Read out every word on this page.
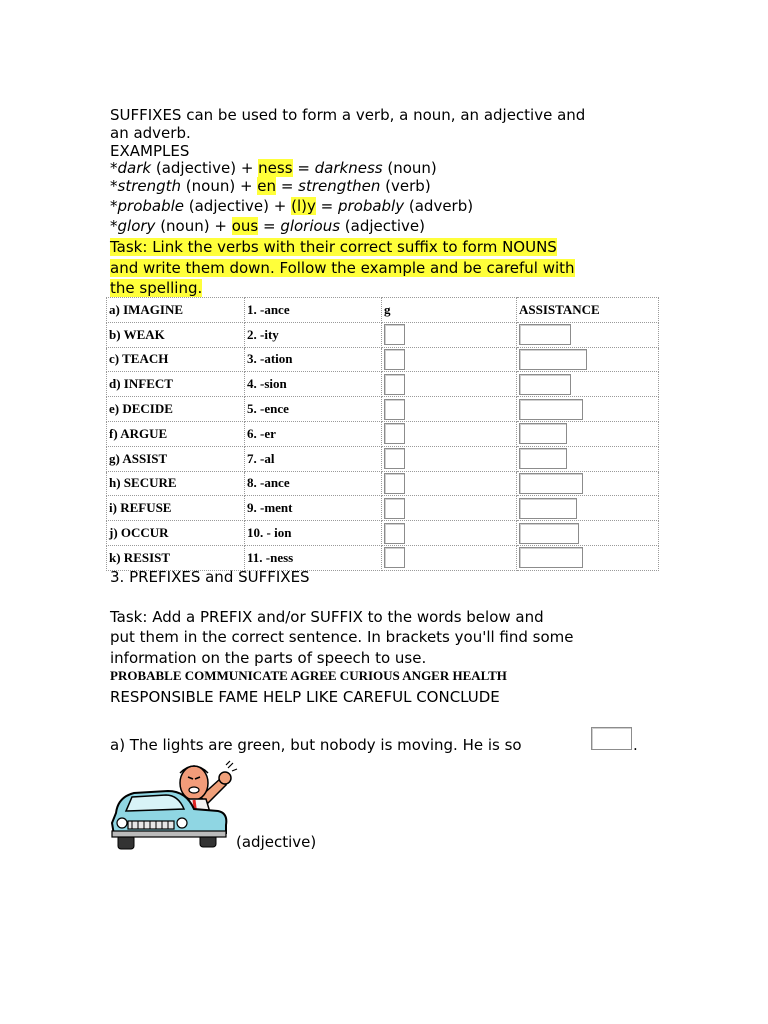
SUFFIXES can be used to form a verb, a noun, an adjective and
an adverb.
EXAMPLES
*dark (adjective) + ness = darkness (noun)
*strength (noun) + en = strengthen (verb)
*probable (adjective) + (l)y = probably (adverb)
*glory (noun) + ous = glorious (adjective)
Task: Link the verbs with their correct suffix to form NOUNS
and write them down. Follow the example and be careful with
the spelling.
a) IMAGINE	1. -ance	g	ASSISTANCE
b) WEAK	2. -ity		
c) TEACH	3. -ation		
d) INFECT	4. -sion		
e) DECIDE	5. -ence		
f) ARGUE	6. -er		
g) ASSIST	7. -al		
h) SECURE	8. -ance		
i) REFUSE	9. -ment		
j) OCCUR	10. - ion		
k) RESIST	11. -ness		
3. PREFIXES and SUFFIXES
Task: Add a PREFIX and/or SUFFIX to the words below and
put them in the correct sentence. In brackets you'll find some
information on the parts of speech to use.
PROBABLE COMMUNICATE AGREE CURIOUS ANGER HEALTH
RESPONSIBLE FAME HELP LIKE CAREFUL CONCLUDE
a) The lights are green, but nobody is moving. He is so	.
(adjective)
